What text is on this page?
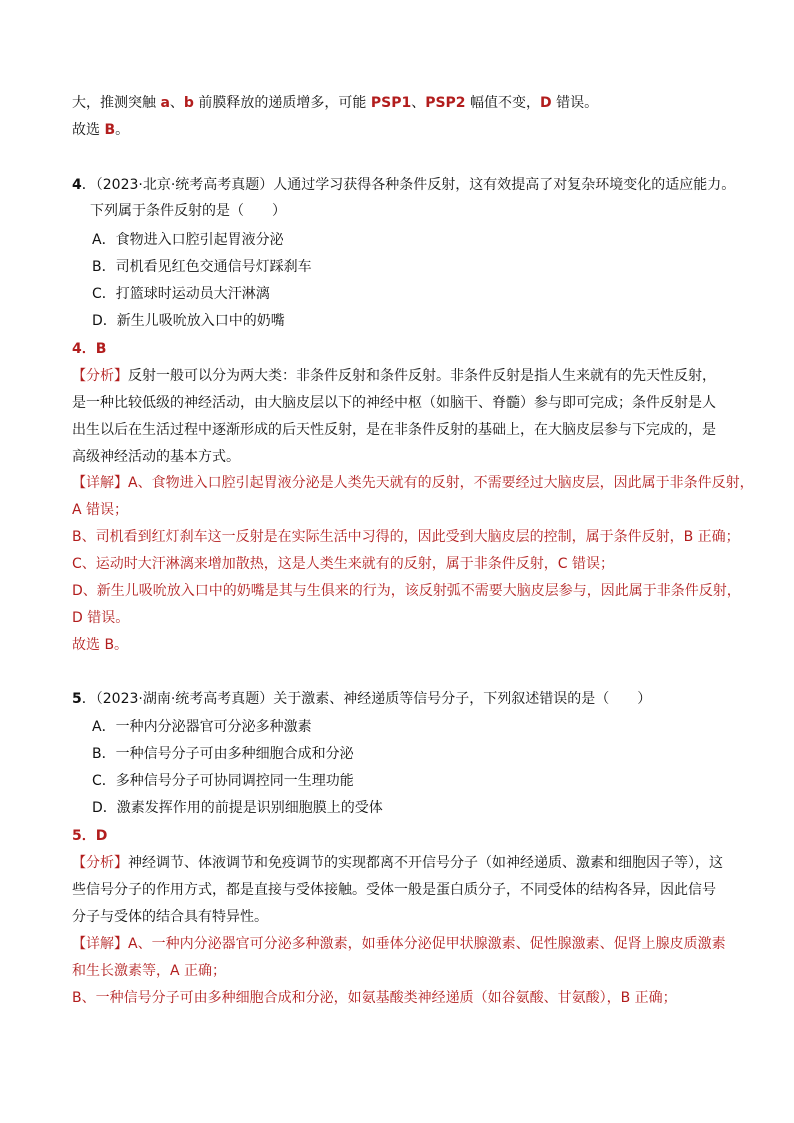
大，推测突触 a、b 前膜释放的递质增多，可能 PSP1、PSP2 幅值不变，D 错误。
故选 B。
4．（2023·北京·统考高考真题）人通过学习获得各种条件反射，这有效提高了对复杂环境变化的适应能力。
下列属于条件反射的是（　　）
A．食物进入口腔引起胃液分泌
B．司机看见红色交通信号灯踩刹车
C．打篮球时运动员大汗淋漓
D．新生儿吸吮放入口中的奶嘴
4．B
【分析】反射一般可以分为两大类：非条件反射和条件反射。非条件反射是指人生来就有的先天性反射，
是一种比较低级的神经活动，由大脑皮层以下的神经中枢（如脑干、脊髓）参与即可完成；条件反射是人
出生以后在生活过程中逐渐形成的后天性反射，是在非条件反射的基础上，在大脑皮层参与下完成的，是
高级神经活动的基本方式。
【详解】A、食物进入口腔引起胃液分泌是人类先天就有的反射，不需要经过大脑皮层，因此属于非条件反射，
A 错误；
B、司机看到红灯刹车这一反射是在实际生活中习得的，因此受到大脑皮层的控制，属于条件反射，B 正确；
C、运动时大汗淋漓来增加散热，这是人类生来就有的反射，属于非条件反射，C 错误；
D、新生儿吸吮放入口中的奶嘴是其与生俱来的行为，该反射弧不需要大脑皮层参与，因此属于非条件反射，
D 错误。
故选 B。
5．（2023·湖南·统考高考真题）关于激素、神经递质等信号分子，下列叙述错误的是（　　）
A．一种内分泌器官可分泌多种激素
B．一种信号分子可由多种细胞合成和分泌
C．多种信号分子可协同调控同一生理功能
D．激素发挥作用的前提是识别细胞膜上的受体
5．D
【分析】神经调节、体液调节和免疫调节的实现都离不开信号分子（如神经递质、激素和细胞因子等），这
些信号分子的作用方式，都是直接与受体接触。受体一般是蛋白质分子，不同受体的结构各异，因此信号
分子与受体的结合具有特异性。
【详解】A、一种内分泌器官可分泌多种激素，如垂体分泌促甲状腺激素、促性腺激素、促肾上腺皮质激素
和生长激素等，A 正确；
B、一种信号分子可由多种细胞合成和分泌，如氨基酸类神经递质（如谷氨酸、甘氨酸），B 正确；
